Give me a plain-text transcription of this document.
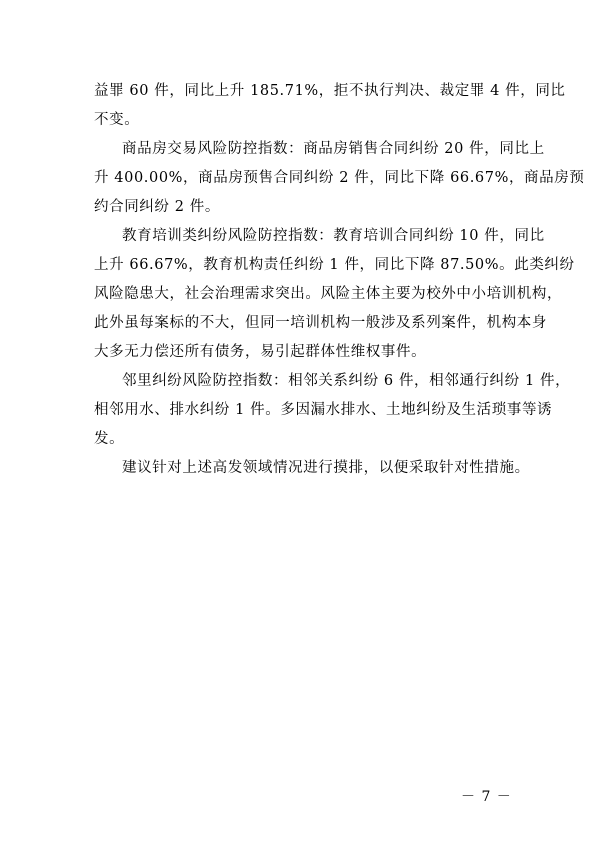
益罪 60 件，同比上升 185.71%，拒不执行判决、裁定罪 4 件，同比
不变。
商品房交易风险防控指数：商品房销售合同纠纷 20 件，同比上
升 400.00%，商品房预售合同纠纷 2 件，同比下降 66.67%，商品房预
约合同纠纷 2 件。
教育培训类纠纷风险防控指数：教育培训合同纠纷 10 件，同比
上升 66.67%，教育机构责任纠纷 1 件，同比下降 87.50%。此类纠纷
风险隐患大，社会治理需求突出。风险主体主要为校外中小培训机构，
此外虽每案标的不大，但同一培训机构一般涉及系列案件，机构本身
大多无力偿还所有债务，易引起群体性维权事件。
邻里纠纷风险防控指数：相邻关系纠纷 6 件，相邻通行纠纷 1 件，
相邻用水、排水纠纷 1 件。多因漏水排水、土地纠纷及生活琐事等诱
发。
建议针对上述高发领域情况进行摸排，以便采取针对性措施。
－ 7 －
